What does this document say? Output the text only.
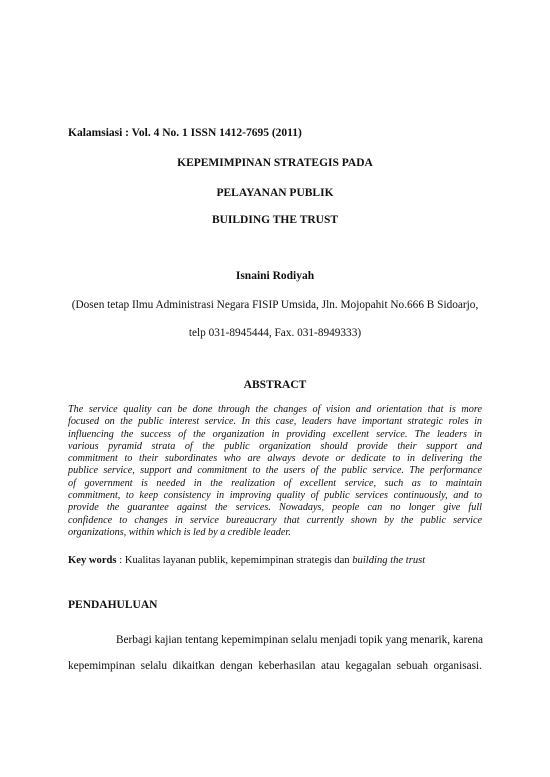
Kalamsiasi : Vol. 4 No. 1 ISSN 1412-7695 (2011)
KEPEMIMPINAN STRATEGIS PADA
PELAYANAN PUBLIK
BUILDING THE TRUST
Isnaini Rodiyah
(Dosen tetap Ilmu Administrasi Negara FISIP Umsida, Jln. Mojopahit No.666 B Sidoarjo,
telp 031-8945444, Fax. 031-8949333)
ABSTRACT
The service quality can be done through the changes of vision and orientation that is more
focused on the public interest service. In this case, leaders have important strategic roles in
influencing the success of the organization in providing excellent service. The leaders in
various pyramid strata of the public organization should provide their support and
commitment to their subordinates who are always devote or dedicate to in delivering the
publice service, support and commitment to the users of the public service. The performance
of government is needed in the realization of excellent service, such as to maintain
commitment, to keep consistency in improving quality of public services continuously, and to
provide the guarantee against the services. Nowadays, people can no longer give full
confidence to changes in service bureaucrary that currently shown by the public service
organizations, within which is led by a credible leader.
Key words : Kualitas layanan publik, kepemimpinan strategis dan building the trust
PENDAHULUAN
Berbagi kajian tentang kepemimpinan selalu menjadi topik yang menarik, karena
kepemimpinan selalu dikaitkan dengan keberhasilan atau kegagalan sebuah organisasi.
